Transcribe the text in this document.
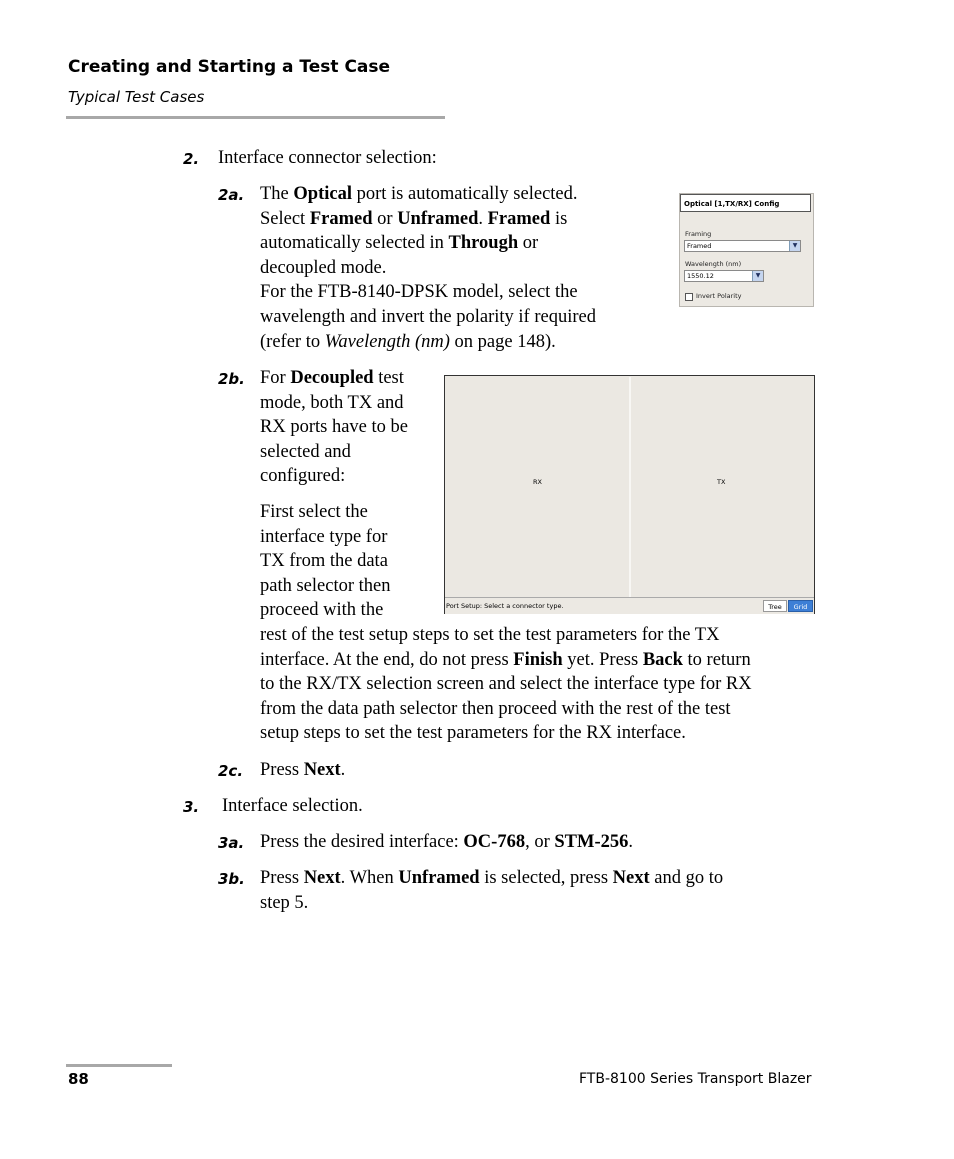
Creating and Starting a Test Case
Typical Test Cases
2. Interface connector selection:
2a. The Optical port is automatically selected.
Select Framed or Unframed. Framed is
automatically selected in Through or
decoupled mode.
For the FTB-8140-DPSK model, select the
wavelength and invert the polarity if required
(refer to Wavelength (nm) on page 148).
Optical [1,TX/RX] Config
Framing
Framed	▼
Wavelength (nm)
1550.12	▼
Invert Polarity
2b. For Decoupled test
mode, both TX and
RX ports have to be
selected and
configured:
First select the
interface type for
TX from the data
path selector then
proceed with the
rest of the test setup steps to set the test parameters for the TX
interface. At the end, do not press Finish yet. Press Back to return
to the RX/TX selection screen and select the interface type for RX
from the data path selector then proceed with the rest of the test
setup steps to set the test parameters for the RX interface.
RX	TX
Port Setup: Select a connector type.	Tree	Grid
2c. Press Next.
3. Interface selection.
3a. Press the desired interface: OC-768, or STM-256.
3b. Press Next. When Unframed is selected, press Next and go to
step 5.
88	FTB-8100 Series Transport Blazer
